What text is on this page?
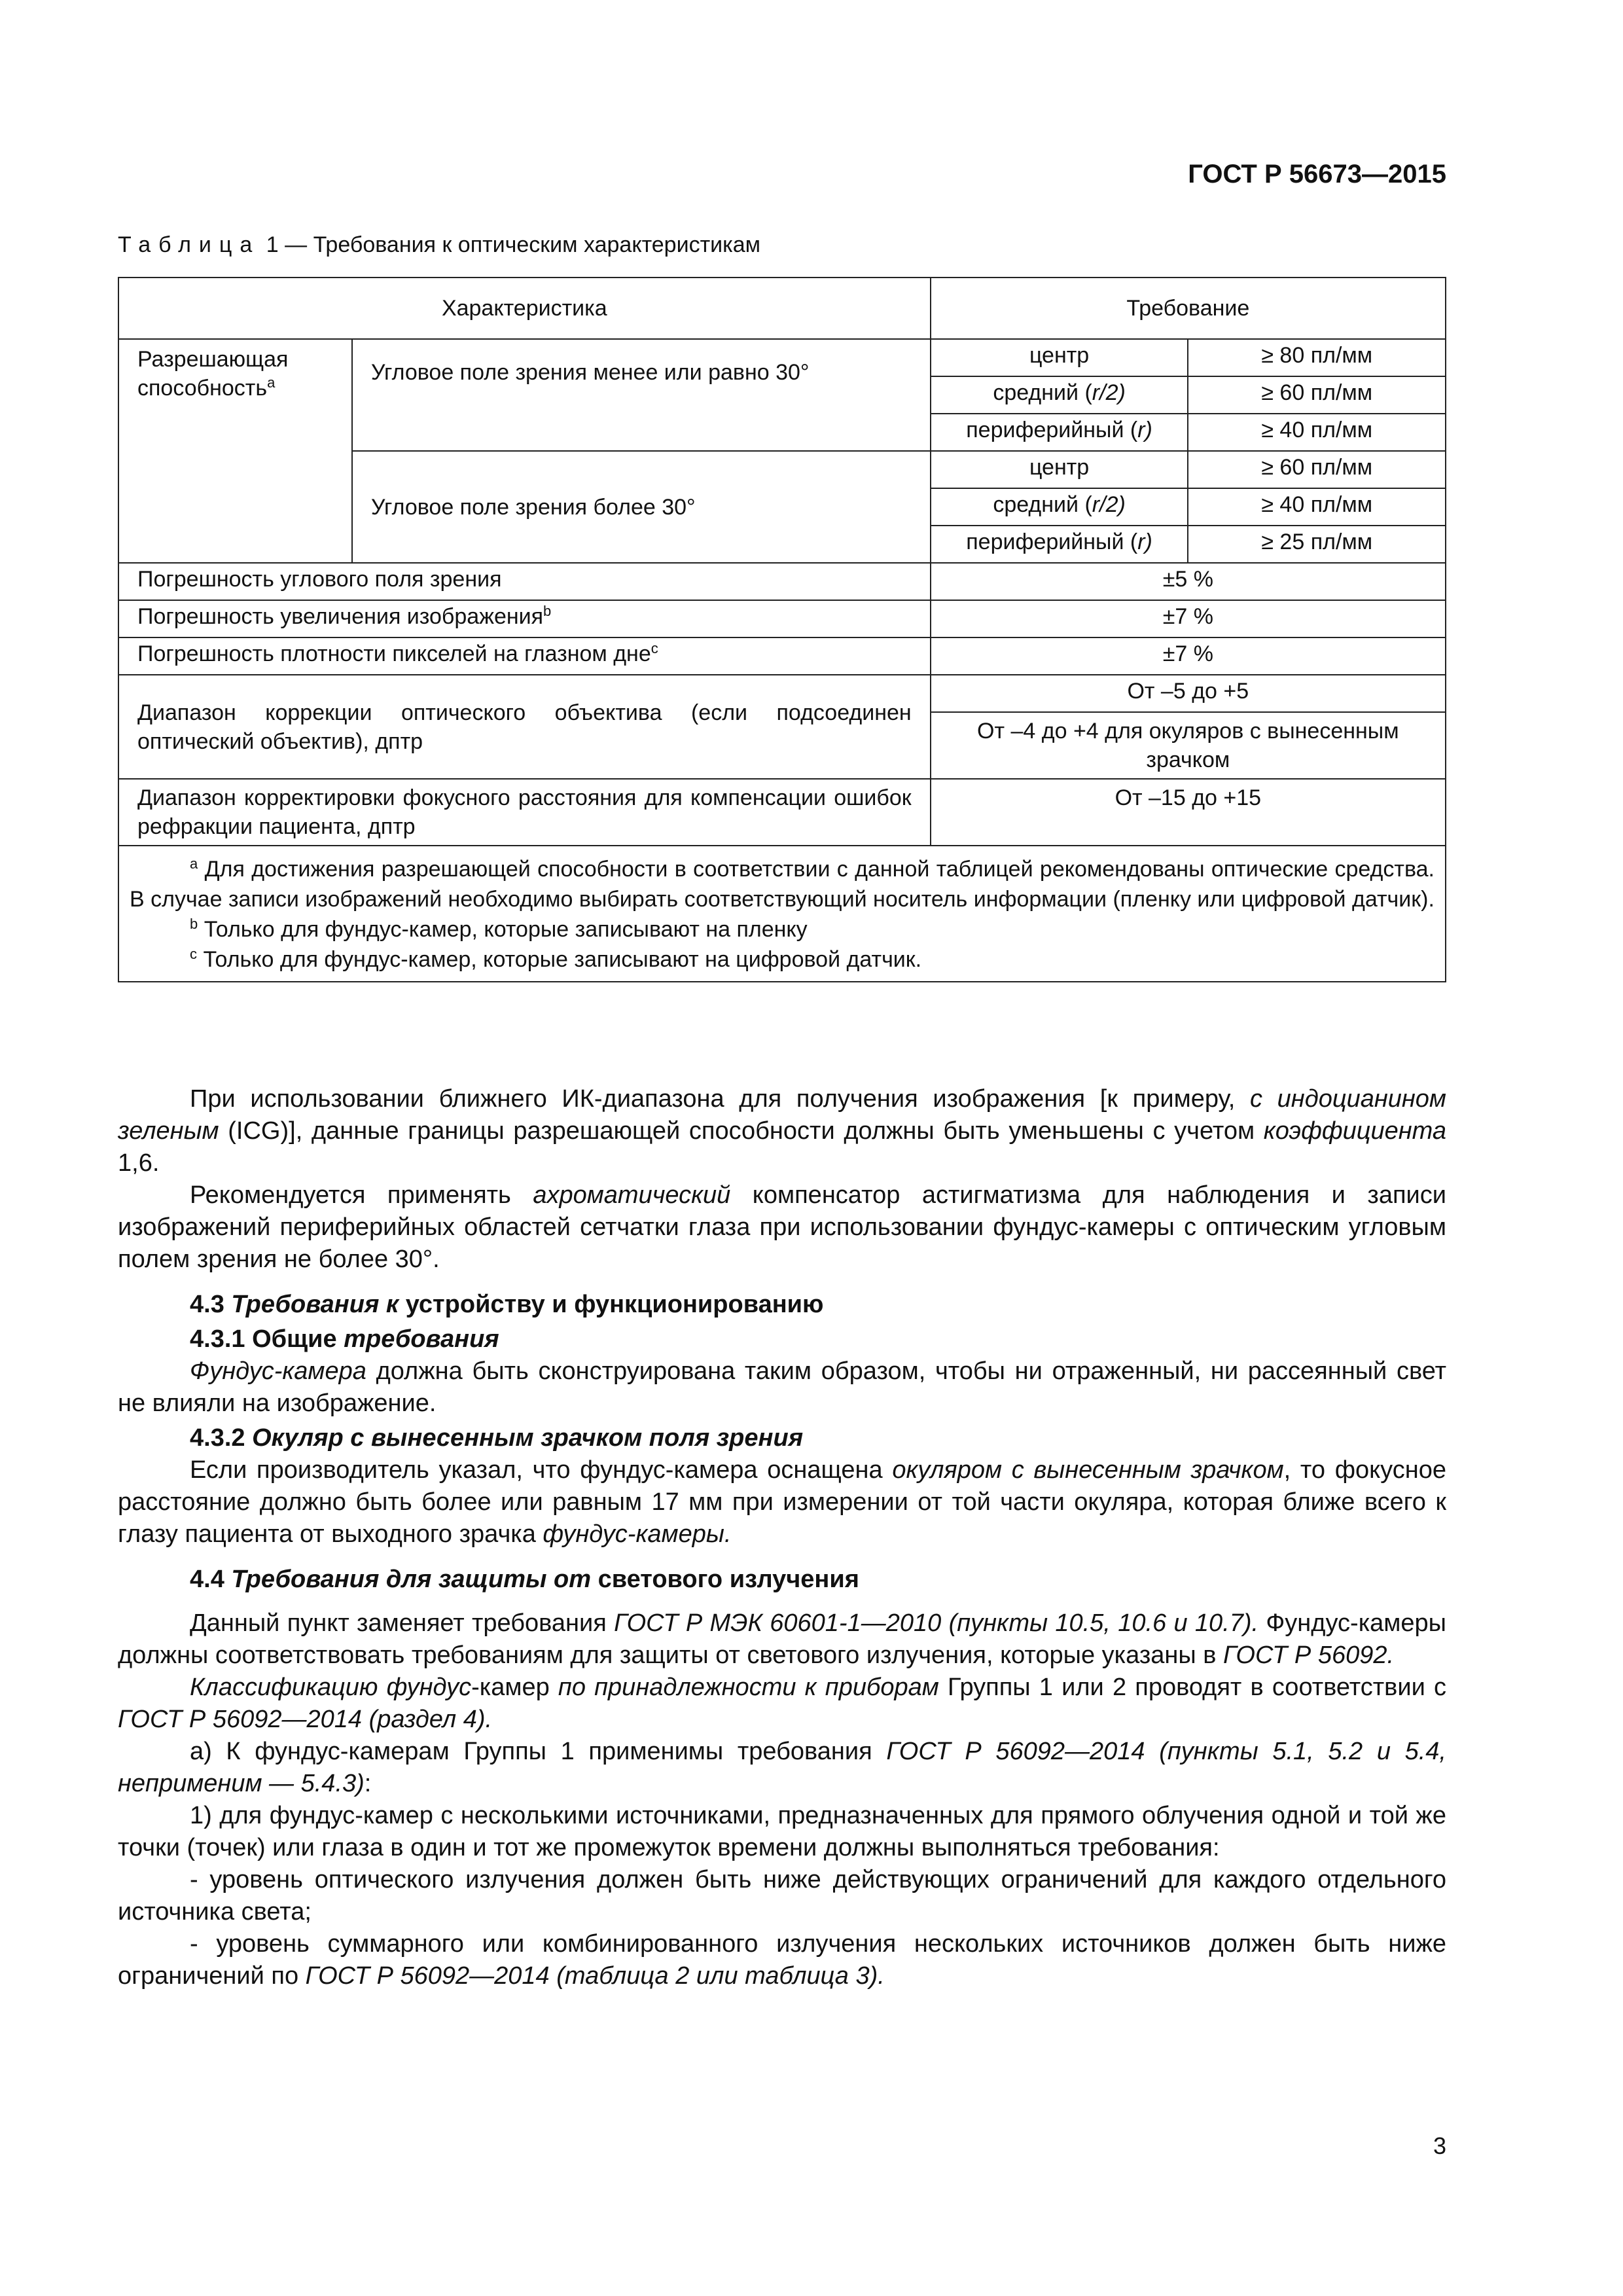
ГОСТ Р 56673—2015
Таблица 1 — Требования к оптическим характеристикам
Характеристика		Требование	
Разрешающая способность$^a$	Угловое поле зрения менее или равно 30°	центр	≥ 80 пл/мм
		средний (r/2)	≥ 60 пл/мм
		периферийный (r)	≥ 40 пл/мм
	Угловое поле зрения более 30°	центр	≥ 60 пл/мм
		средний (r/2)	≥ 40 пл/мм
		периферийный (r)	≥ 25 пл/мм
Погрешность углового поля зрения		±5 %	
Погрешность увеличения изображения$^b$		±7 %	
Погрешность плотности пикселей на глазном дне$^c$		±7 %	
Диапазон коррекции оптического объектива (если подсоединен оптический объектив), дптр		От –5 до +5	
		От –4 до +4 для окуляров с вынесенным зрачком	
Диапазон корректировки фокусного расстояния для компенсации ошибок рефракции пациента, дптр		От –15 до +15	

$^a$ Для достижения разрешающей способности в соответствии с данной таблицей рекомендованы оптические средства. В случае записи изображений необходимо выбирать соответствующий носитель информации (пленку или цифровой датчик).
$^b$ Только для фундус-камер, которые записывают на пленку
$^c$ Только для фундус-камер, которые записывают на цифровой датчик.			

При использовании ближнего ИК-диапазона для получения изображения [к примеру, с индоцианином зеленым (ICG)], данные границы разрешающей способности должны быть уменьшены с учетом коэффициента 1,6.

Рекомендуется применять ахроматический компенсатор астигматизма для наблюдения и записи изображений периферийных областей сетчатки глаза при использовании фундус-камеры с оптическим угловым полем зрения не более 30°.

4.3 Требования к устройству и функционированию
4.3.1 Общие требования

Фундус-камера должна быть сконструирована таким образом, чтобы ни отраженный, ни рассеянный свет не влияли на изображение.

4.3.2 Окуляр с вынесенным зрачком поля зрения

Если производитель указал, что фундус-камера оснащена окуляром с вынесенным зрачком, то фокусное расстояние должно быть более или равным 17 мм при измерении от той части окуляра, которая ближе всего к глазу пациента от выходного зрачка фундус-камеры.

4.4 Требования для защиты от светового излучения

Данный пункт заменяет требования ГОСТ Р МЭК 60601-1—2010 (пункты 10.5, 10.6 и 10.7). Фундус-камеры должны соответствовать требованиям для защиты от светового излучения, которые указаны в ГОСТ Р 56092.

Классификацию фундус-камер по принадлежности к приборам Группы 1 или 2 проводят в соответствии с ГОСТ Р 56092—2014 (раздел 4).

а) К фундус-камерам Группы 1 применимы требования ГОСТ Р 56092—2014 (пункты 5.1, 5.2 и 5.4, неприменим — 5.4.3):

1) для фундус-камер с несколькими источниками, предназначенных для прямого облучения одной и той же точки (точек) или глаза в один и тот же промежуток времени должны выполняться требования:

- уровень оптического излучения должен быть ниже действующих ограничений для каждого отдельного источника света;

- уровень суммарного или комбинированного излучения нескольких источников должен быть ниже ограничений по ГОСТ Р 56092—2014 (таблица 2 или таблица 3).

3
